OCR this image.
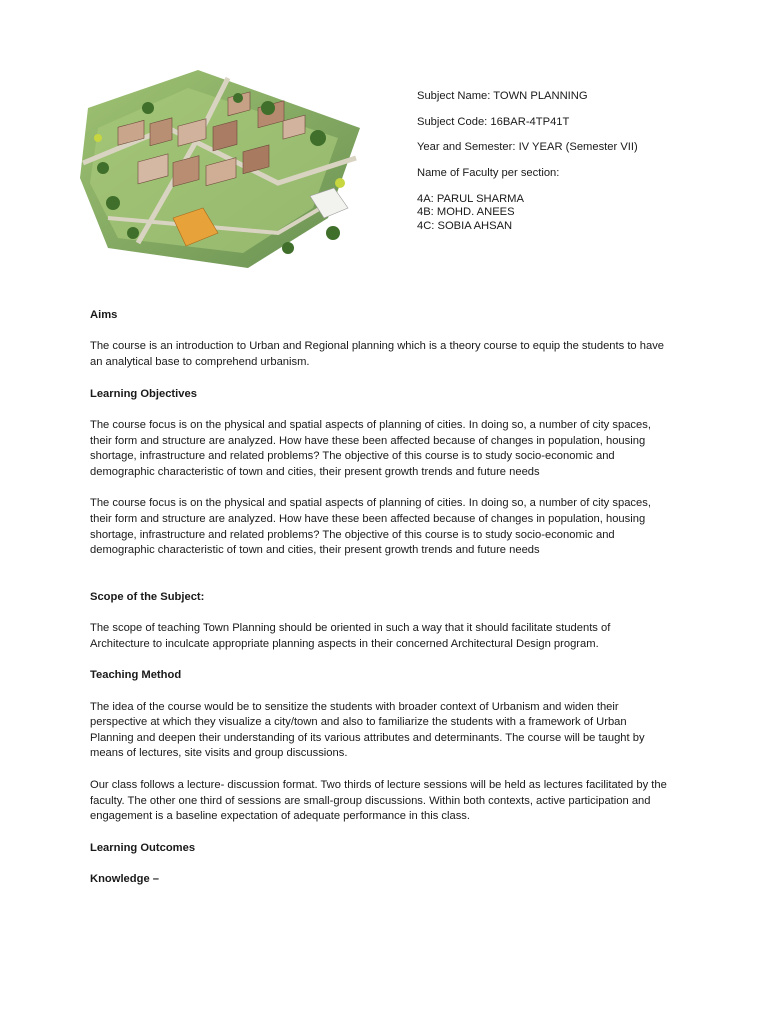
Subject Name: TOWN PLANNING

Subject Code: 16BAR-4TP41T

Year and Semester: IV YEAR (Semester VII)

Name of Faculty per section:

4A: PARUL SHARMA

4B: MOHD. ANEES

4C: SOBIA AHSAN

Aims

The course is an introduction to Urban and Regional planning which is a theory course to equip the students to have an analytical base to comprehend urbanism.

Learning Objectives

The course focus is on the physical and spatial aspects of planning of cities. In doing so, a number of city spaces, their form and structure are analyzed. How have these been affected because of changes in population, housing shortage, infrastructure and related problems? The objective of this course is to study socio-economic and demographic characteristic of town and cities, their present growth trends and future needs

The course focus is on the physical and spatial aspects of planning of cities. In doing so, a number of city spaces, their form and structure are analyzed. How have these been affected because of changes in population, housing shortage, infrastructure and related problems? The objective of this course is to study socio-economic and demographic characteristic of town and cities, their present growth trends and future needs

Scope of the Subject:

The scope of teaching Town Planning should be oriented in such a way that it should facilitate students of Architecture to inculcate appropriate planning aspects in their concerned Architectural Design program.

Teaching Method

The idea of the course would be to sensitize the students with broader context of Urbanism and widen their perspective at which they visualize a city/town and also to familiarize the students with a framework of Urban Planning and deepen their understanding of its various attributes and determinants. The course will be taught by means of lectures, site visits and group discussions.

Our class follows a lecture- discussion format. Two thirds of lecture sessions will be held as lectures facilitated by the faculty. The other one third of sessions are small-group discussions. Within both contexts, active participation and engagement is a baseline expectation of adequate performance in this class.

Learning Outcomes

Knowledge –
